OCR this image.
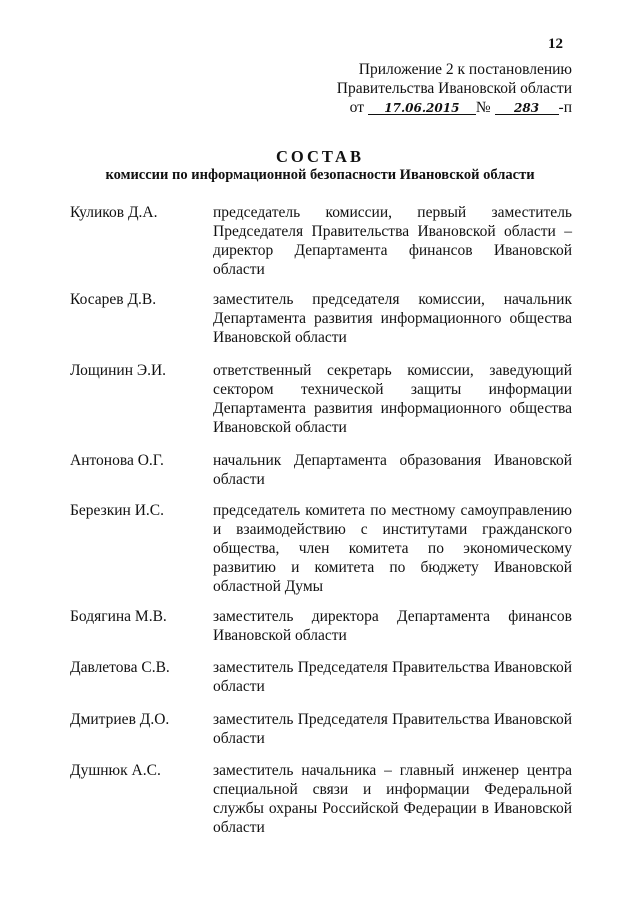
12
Приложение 2 к постановлению
Правительства Ивановской области
от 17.06.2015 № 283 -п
СОСТАВ
комиссии по информационной безопасности Ивановской области
Куликов Д.А.	председатель комиссии, первый заместитель Председателя Правительства Ивановской области – директор Департамента финансов Ивановской области
Косарев Д.В.	заместитель председателя комиссии, начальник Департамента развития информационного общества Ивановской области
Лощинин Э.И.	ответственный секретарь комиссии, заведующий сектором технической защиты информации Департамента развития информационного общества Ивановской области
Антонова О.Г.	начальник Департамента образования Ивановской области
Березкин И.С.	председатель комитета по местному самоуправлению и взаимодействию с институтами гражданского общества, член комитета по экономическому развитию и комитета по бюджету Ивановской областной Думы
Бодягина М.В.	заместитель директора Департамента финансов Ивановской области
Давлетова С.В.	заместитель Председателя Правительства Ивановской области
Дмитриев Д.О.	заместитель Председателя Правительства Ивановской области
Душнюк А.С.	заместитель начальника – главный инженер центра специальной связи и информации Федеральной службы охраны Российской Федерации в Ивановской области
